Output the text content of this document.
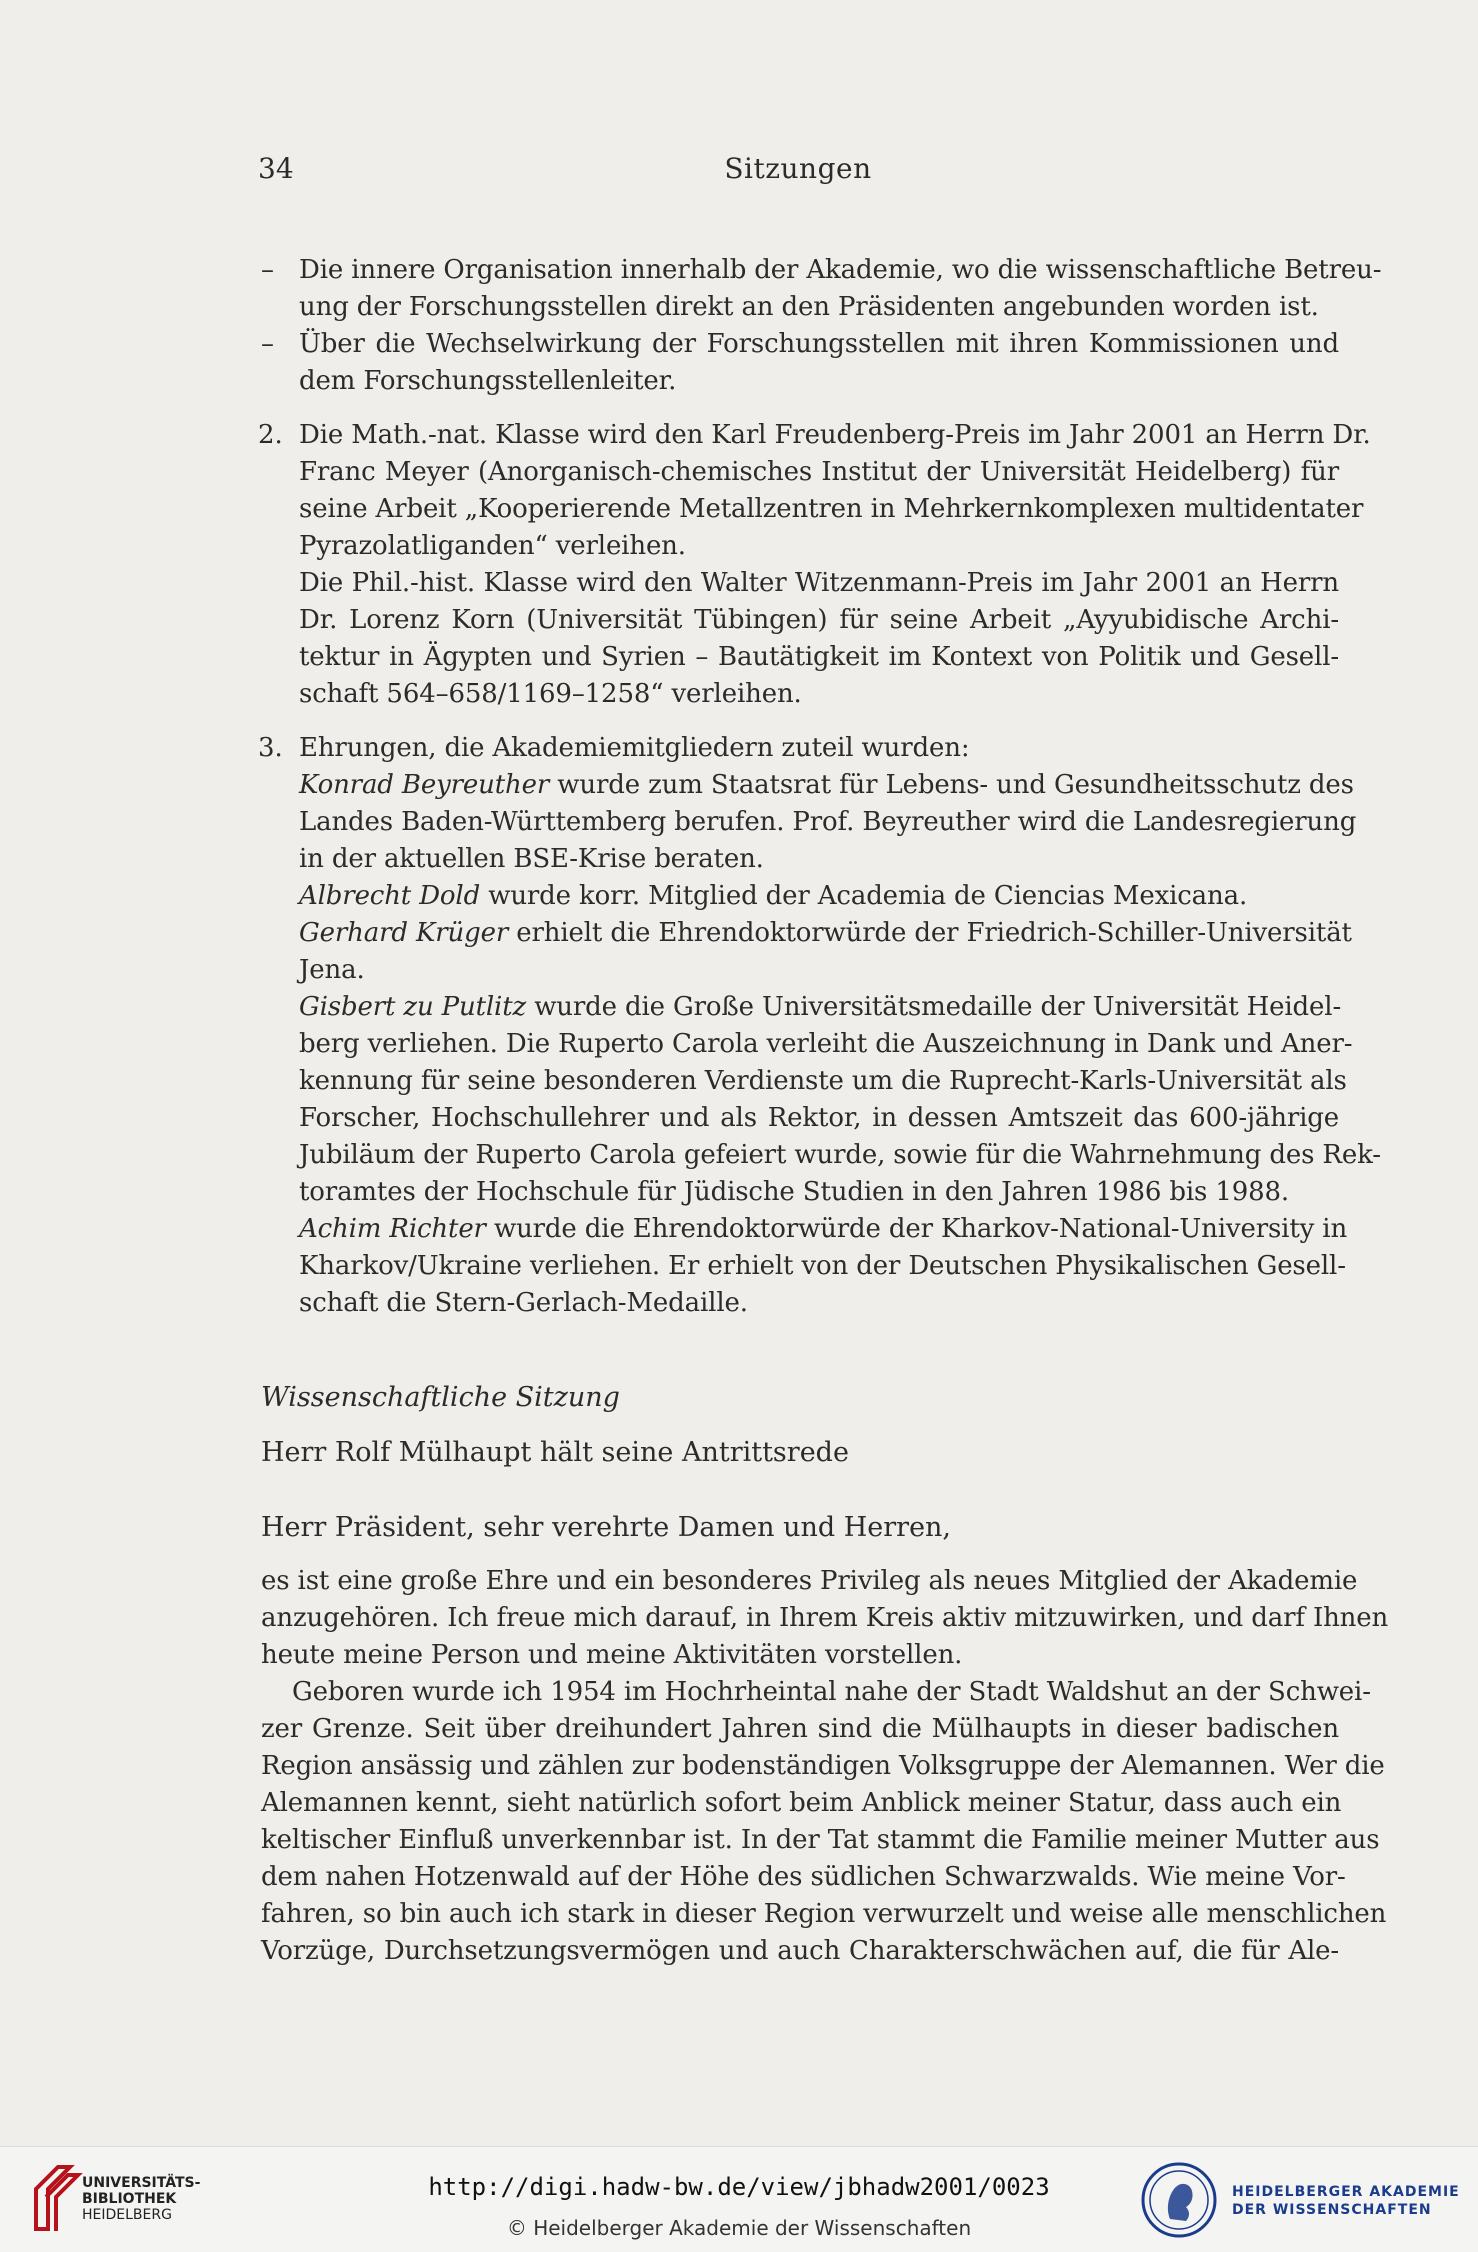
34	Sitzungen
– Die innere Organisation innerhalb der Akademie, wo die wissenschaftliche Betreu-

ung der Forschungsstellen direkt an den Präsidenten angebunden worden ist.

– Über die Wechselwirkung der Forschungsstellen mit ihren Kommissionen und

dem Forschungsstellenleiter.

2. Die Math.-nat. Klasse wird den Karl Freudenberg-Preis im Jahr 2001 an Herrn Dr.

Franc Meyer (Anorganisch-chemisches Institut der Universität Heidelberg) für

seine Arbeit „Kooperierende Metallzentren in Mehrkernkomplexen multidentater

Pyrazolatliganden“ verleihen.

Die Phil.-hist. Klasse wird den Walter Witzenmann-Preis im Jahr 2001 an Herrn

Dr. Lorenz Korn (Universität Tübingen) für seine Arbeit „Ayyubidische Archi-

tektur in Ägypten und Syrien – Bautätigkeit im Kontext von Politik und Gesell-

schaft 564–658/1169–1258“ verleihen.

3. Ehrungen, die Akademiemitgliedern zuteil wurden:

Konrad Beyreuther wurde zum Staatsrat für Lebens- und Gesundheitsschutz des

Landes Baden-Württemberg berufen. Prof. Beyreuther wird die Landesregierung

in der aktuellen BSE-Krise beraten.

Albrecht Dold wurde korr. Mitglied der Academia de Ciencias Mexicana.

Gerhard Krüger erhielt die Ehrendoktorwürde der Friedrich-Schiller-Universität

Jena.

Gisbert zu Putlitz wurde die Große Universitätsmedaille der Universität Heidel-

berg verliehen. Die Ruperto Carola verleiht die Auszeichnung in Dank und Aner-

kennung für seine besonderen Verdienste um die Ruprecht-Karls-Universität als

Forscher, Hochschullehrer und als Rektor, in dessen Amtszeit das 600-jährige

Jubiläum der Ruperto Carola gefeiert wurde, sowie für die Wahrnehmung des Rek-

toramtes der Hochschule für Jüdische Studien in den Jahren 1986 bis 1988.

Achim Richter wurde die Ehrendoktorwürde der Kharkov-National-University in

Kharkov/Ukraine verliehen. Er erhielt von der Deutschen Physikalischen Gesell-

schaft die Stern-Gerlach-Medaille.

Wissenschaftliche Sitzung
Herr Rolf Mülhaupt hält seine Antrittsrede
Herr Präsident, sehr verehrte Damen und Herren,

es ist eine große Ehre und ein besonderes Privileg als neues Mitglied der Akademie

anzugehören. Ich freue mich darauf, in Ihrem Kreis aktiv mitzuwirken, und darf Ihnen

heute meine Person und meine Aktivitäten vorstellen.

Geboren wurde ich 1954 im Hochrheintal nahe der Stadt Waldshut an der Schwei-

zer Grenze. Seit über dreihundert Jahren sind die Mülhaupts in dieser badischen

Region ansässig und zählen zur bodenständigen Volksgruppe der Alemannen. Wer die

Alemannen kennt, sieht natürlich sofort beim Anblick meiner Statur, dass auch ein

keltischer Einfluß unverkennbar ist. In der Tat stammt die Familie meiner Mutter aus

dem nahen Hotzenwald auf der Höhe des südlichen Schwarzwalds. Wie meine Vor-

fahren, so bin auch ich stark in dieser Region verwurzelt und weise alle menschlichen

Vorzüge, Durchsetzungsvermögen und auch Charakterschwächen auf, die für Ale-

UNIVERSITÄTS-
BIBLIOTHEK
HEIDELBERG
http://digi.hadw-bw.de/view/jbhadw2001/0023
© Heidelberger Akademie der Wissenschaften
HEIDELBERGER AKADEMIE
DER WISSENSCHAFTEN
